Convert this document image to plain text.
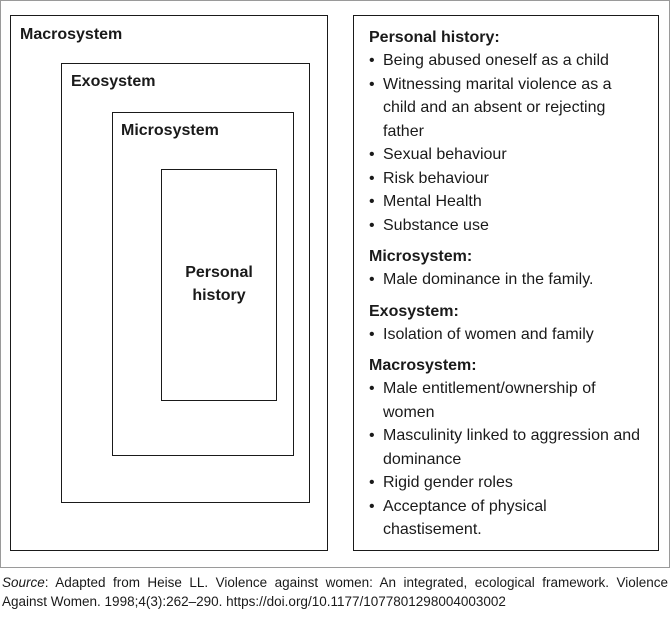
Macrosystem
Exosystem
Microsystem
Personal
history
Personal history:
• Being abused oneself as a child
• Witnessing marital violence as a child and an absent or rejecting father
• Sexual behaviour
• Risk behaviour
• Mental Health
• Substance use
Microsystem:
• Male dominance in the family.
Exosystem:
• Isolation of women and family
Macrosystem:
• Male entitlement/ownership of women
• Masculinity linked to aggression and dominance
• Rigid gender roles
• Acceptance of physical chastisement.
Source: Adapted from Heise LL. Violence against women: An integrated, ecological framework. Violence Against Women. 1998;4(3):262–290. https://doi.org/10.1177/1077801298004003002
